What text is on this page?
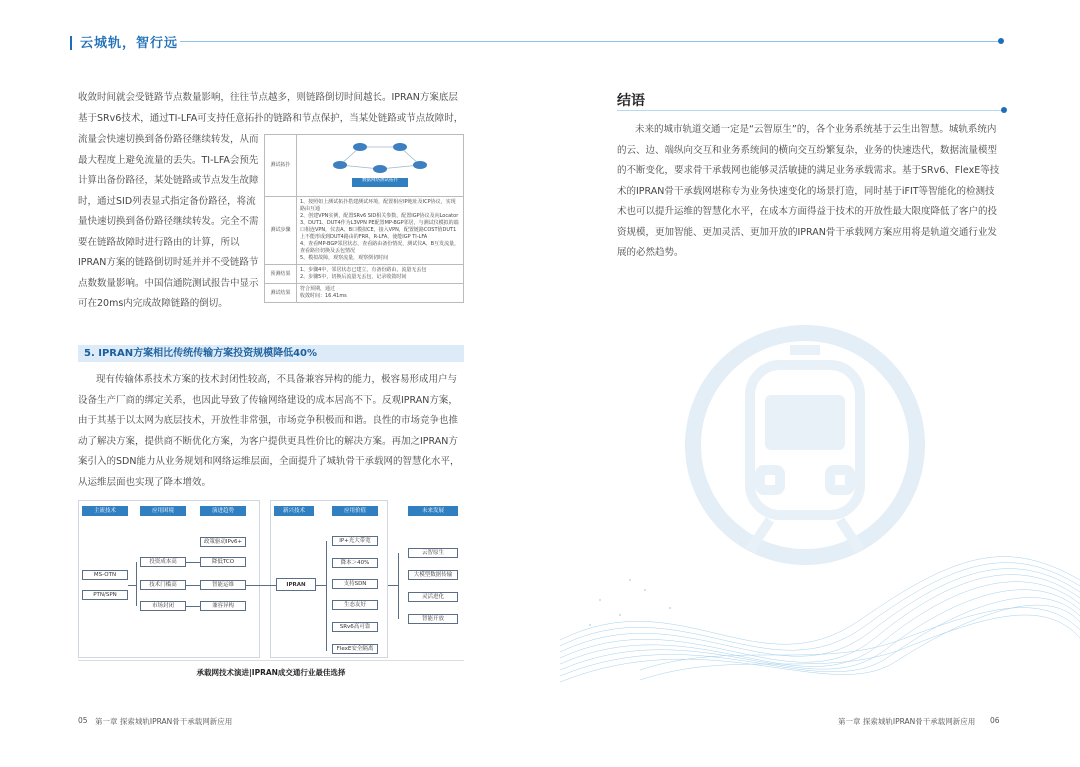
云城轨，智行远
收敛时间就会受链路节点数量影响，往往节点越多，则链路倒切时间越长。IPRAN方案底层基于SRv6技术，通过TI-LFA可支持任意拓扑的链路和节点保护，当某处链路或节点故障时，
流量会快速切换到备份路径继续转发，从而最大程度上避免流量的丢失。TI-LFA会预先计算出备份路径，某处链路或节点发生故障时，通过SID列表显式指定备份路径，将流量快速切换到备份路径继续转发。完全不需要在链路故障时进行路由的计算，所以IPRAN方案的链路倒切时延并并不受链路节点数数量影响。中国信通院测试报告中显示可在20ms内完成故障链路的倒切。
测试拓扑	数据网络测试拓扑

测试步骤	1、按照如上测试拓扑搭建测试环境，配置相应IP地址及ICP协议，实现路由互通
2、创建VPN实例，配置SRv6 SID相关参数，配置IGP协议及向Locator
3、DUT1、DUT4作为L3VPN PE配置MP-BGP邻居，与测试仪模拟的端口相连VPN，仪表A、B口模拟CE，接入VPN，配置链路COST值DUT1上不能形成到DUT4路由的FRR，R-LFA，使能IGP TI-LFA
4、查看MP-BGP邻居状态，查看路由备份情况，测试仪A、B互发流量，查看路径切换及丢包情况
5、模拟故障，观察流量，观察倒切时间

预测结果	1、步骤4中，邻居状态已建立，有备份路由，流量无丢包
2、步骤5中，切换后流量无丢包，记录收敛时间

测试结果	符合预期，通过
收敛时间：16.41ms
5. IPRAN方案相比传统传输方案投资规模降低40%
现有传输体系技术方案的技术封闭性较高，不具备兼容异构的能力，极容易形成用户与设备生产厂商的绑定关系，也因此导致了传输网络建设的成本居高不下。反观IPRAN方案，由于其基于以太网为底层技术，开放性非常强，市场竞争积极而和谐。良性的市场竞争也推动了解决方案，提供商不断优化方案，为客户提供更具性价比的解决方案。再加之IPRAN方案引入的SDN能力从业务规划和网络运维层面，全面提升了城轨骨干承载网的智慧化水平，从运维层面也实现了降本增效。
主流技术	应用困境	演进趋势	新兴技术	应用价值	未来发展
MS-OTN
PTN/SPN
投资成本高
技术门槛高
市场封闭
政策驱动IPv6+
降低TCO
智能运维
兼容异构
IPRAN
IP+光大带宽
降本＞40%
支持SDN
生态友好
SRv6高可靠
FlexE安全隔离
云智原生
大模型数据传输
灵活进化
智能开放
承载网技术演进|IPRAN成交通行业最佳选择
结语
未来的城市轨道交通一定是“云智原生”的，各个业务系统基于云生出智慧。城轨系统内的云、边、端纵向交互和业务系统间的横向交互纷繁复杂，业务的快速迭代，数据流量模型的不断变化，要求骨干承载网也能够灵活敏捷的满足业务承载需求。基于SRv6、FlexE等技术的IPRAN骨干承载网堪称专为业务快速变化的场景打造，同时基于iFIT等智能化的检测技术也可以提升运维的智慧化水平，在成本方面得益于技术的开放性最大限度降低了客户的投资规模，更加智能、更加灵活、更加开放的IPRAN骨干承载网方案应用将是轨道交通行业发展的必然趋势。
05 第一章 探索城轨IPRAN骨干承载网新应用	第一章 探索城轨IPRAN骨干承载网新应用 06
